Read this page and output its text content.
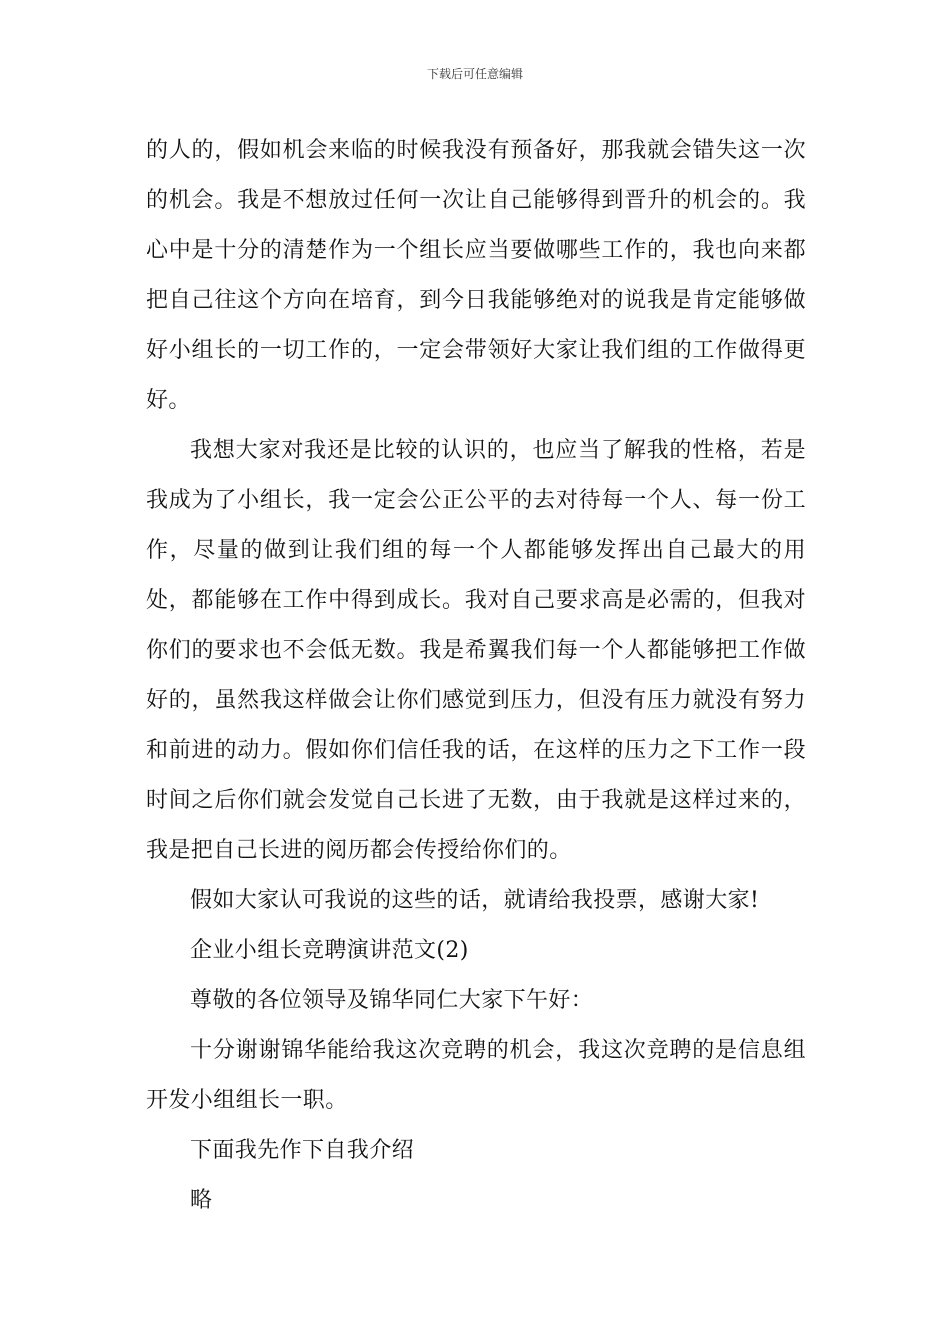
下载后可任意编辑

的人的，假如机会来临的时候我没有预备好，那我就会错失这一次的机会。我是不想放过任何一次让自己能够得到晋升的机会的。我心中是十分的清楚作为一个组长应当要做哪些工作的，我也向来都把自己往这个方向在培育，到今日我能够绝对的说我是肯定能够做好小组长的一切工作的，一定会带领好大家让我们组的工作做得更好。

我想大家对我还是比较的认识的，也应当了解我的性格，若是我成为了小组长，我一定会公正公平的去对待每一个人、每一份工作，尽量的做到让我们组的每一个人都能够发挥出自己最大的用处，都能够在工作中得到成长。我对自己要求高是必需的，但我对你们的要求也不会低无数。我是希翼我们每一个人都能够把工作做好的，虽然我这样做会让你们感觉到压力，但没有压力就没有努力和前进的动力。假如你们信任我的话，在这样的压力之下工作一段时间之后你们就会发觉自己长进了无数，由于我就是这样过来的，我是把自己长进的阅历都会传授给你们的。

假如大家认可我说的这些的话，就请给我投票，感谢大家!

企业小组长竞聘演讲范文(2)

尊敬的各位领导及锦华同仁大家下午好：

十分谢谢锦华能给我这次竞聘的机会，我这次竞聘的是信息组开发小组组长一职。

下面我先作下自我介绍

略
